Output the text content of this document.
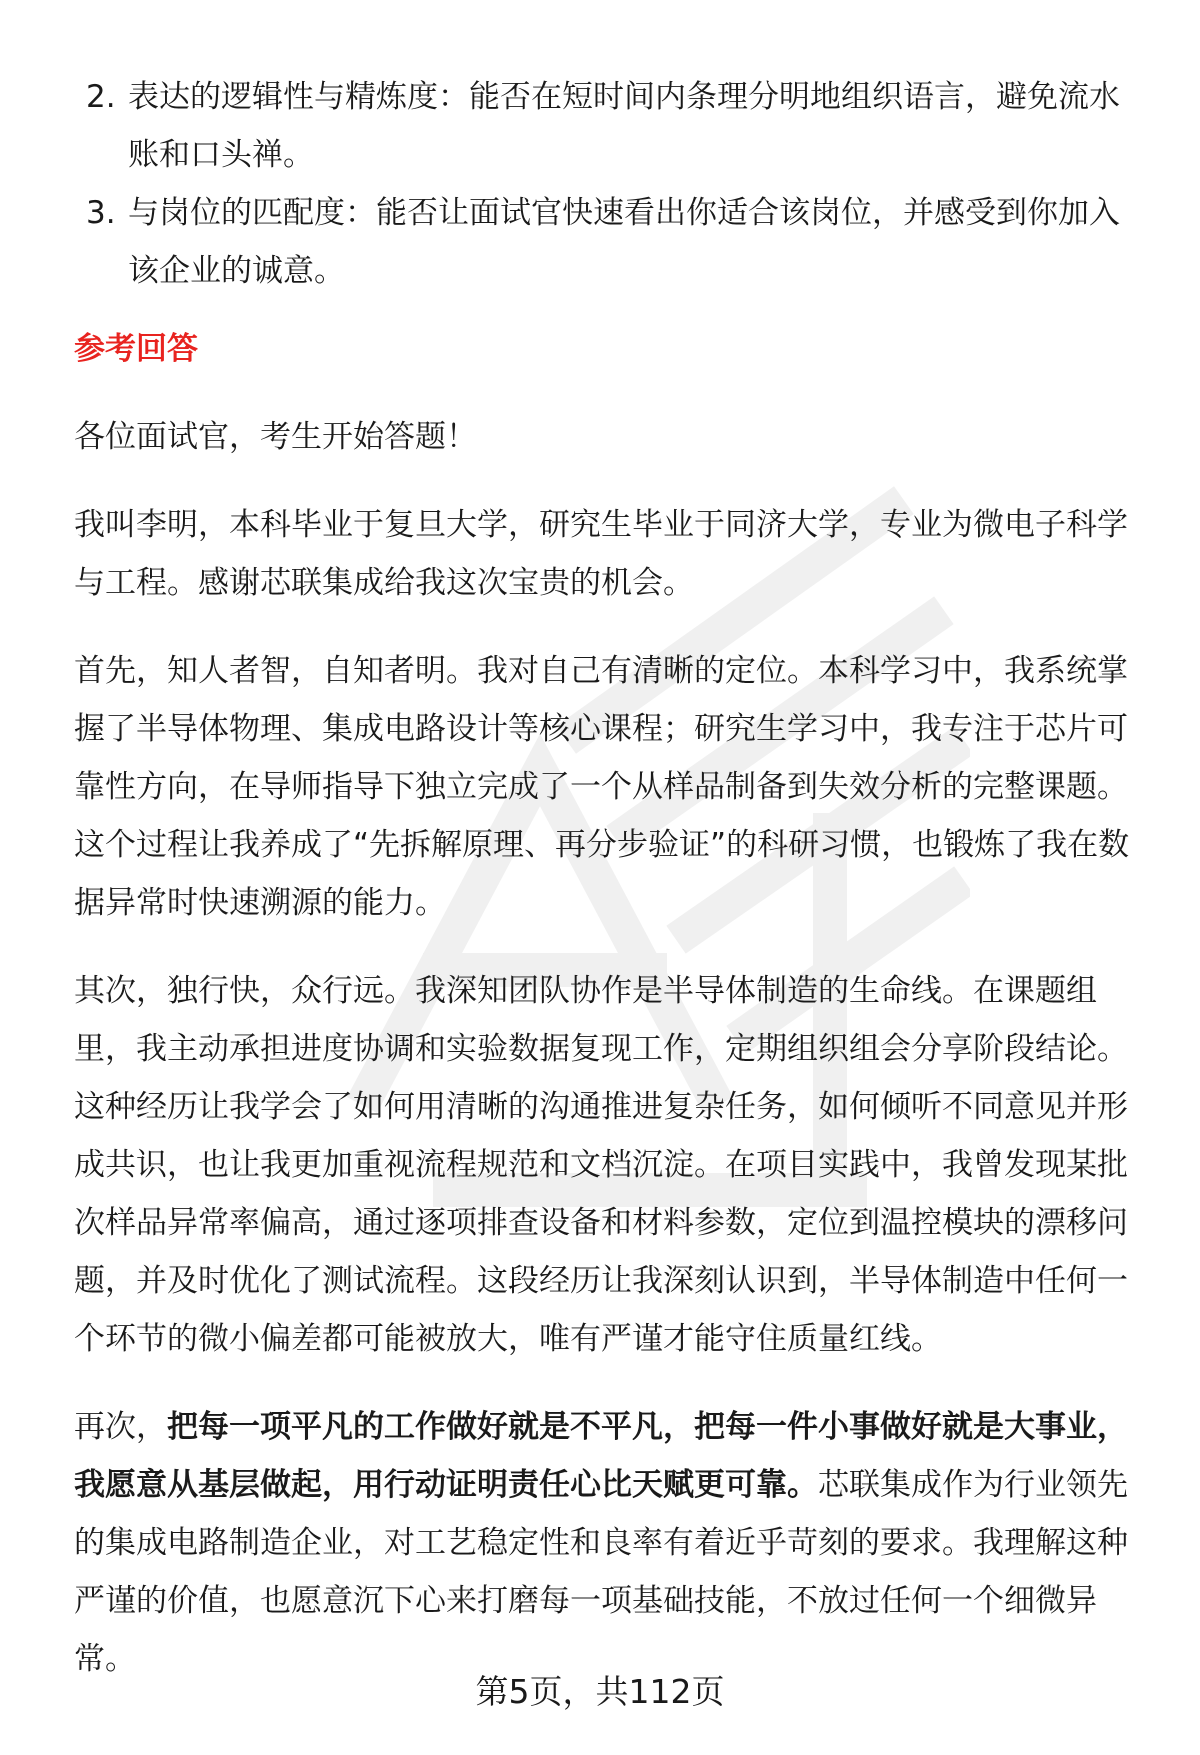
2. 表达的逻辑性与精炼度：能否在短时间内条理分明地组织语言，避免流水账和口头禅。
3. 与岗位的匹配度：能否让面试官快速看出你适合该岗位，并感受到你加入该企业的诚意。
参考回答

各位面试官，考生开始答题！

我叫李明，本科毕业于复旦大学，研究生毕业于同济大学，专业为微电子科学与工程。感谢芯联集成给我这次宝贵的机会。

首先，知人者智，自知者明。我对自己有清晰的定位。本科学习中，我系统掌握了半导体物理、集成电路设计等核心课程；研究生学习中，我专注于芯片可靠性方向，在导师指导下独立完成了一个从样品制备到失效分析的完整课题。这个过程让我养成了“先拆解原理、再分步验证”的科研习惯，也锻炼了我在数据异常时快速溯源的能力。

其次，独行快，众行远。我深知团队协作是半导体制造的生命线。在课题组里，我主动承担进度协调和实验数据复现工作，定期组织组会分享阶段结论。这种经历让我学会了如何用清晰的沟通推进复杂任务，如何倾听不同意见并形成共识，也让我更加重视流程规范和文档沉淀。在项目实践中，我曾发现某批次样品异常率偏高，通过逐项排查设备和材料参数，定位到温控模块的漂移问题，并及时优化了测试流程。这段经历让我深刻认识到，半导体制造中任何一个环节的微小偏差都可能被放大，唯有严谨才能守住质量红线。

再次，把每一项平凡的工作做好就是不平凡，把每一件小事做好就是大事业，我愿意从基层做起，用行动证明责任心比天赋更可靠。芯联集成作为行业领先的集成电路制造企业，对工艺稳定性和良率有着近乎苛刻的要求。我理解这种严谨的价值，也愿意沉下心来打磨每一项基础技能，不放过任何一个细微异常。

第5页，共112页
